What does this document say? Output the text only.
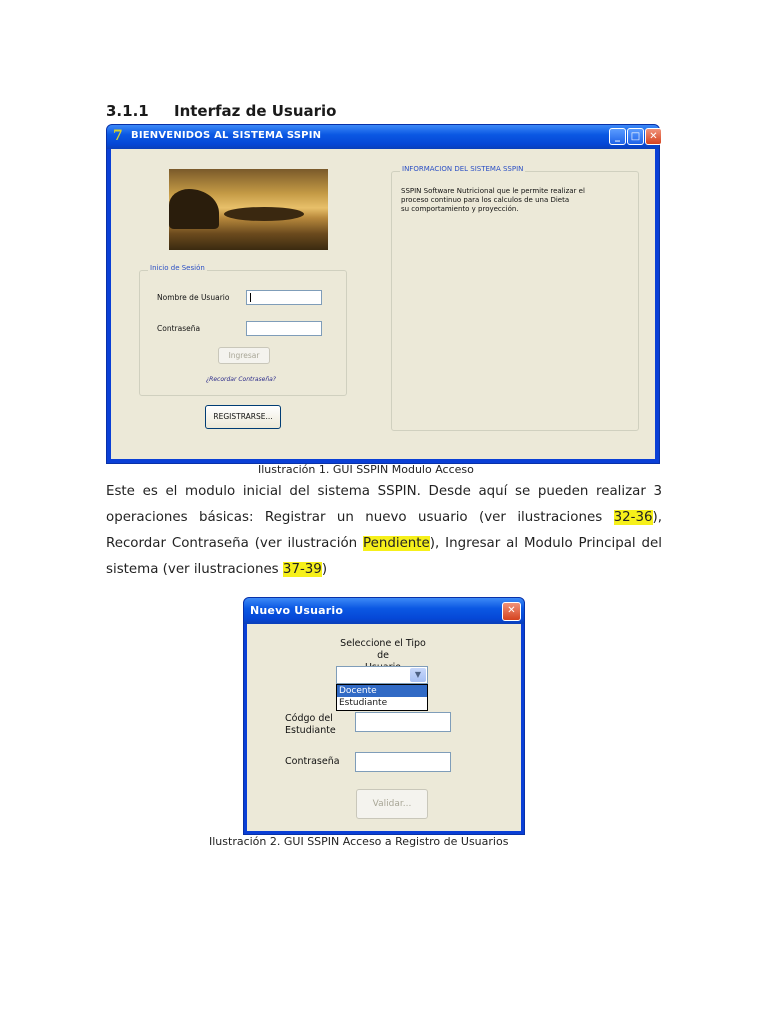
3.1.1 Interfaz de Usuario
7 BIENVENIDOS AL SISTEMA SSPIN	_	□ ✕
Inicio de Sesión
Nombre de Usuario
Contraseña
Ingresar
¿Recordar Contraseña?
REGISTRARSE...
INFORMACION DEL SISTEMA SSPIN
SSPIN Software Nutricional que le permite realizar el
proceso continuo para los calculos de una Dieta
su comportamiento y proyección.
Ilustración 1. GUI SSPIN Modulo Acceso
Este es el modulo inicial del sistema SSPIN. Desde aquí se pueden realizar 3 operaciones básicas: Registrar un nuevo usuario (ver ilustraciones 32-36), Recordar Contraseña (ver ilustración Pendiente), Ingresar al Modulo Principal del sistema (ver ilustraciones 37-39)
Nuevo Usuario	✕
Seleccione el Tipo de
▼
Docente
Estudiante
Códgo del
Estudiante
Contraseña
Validar...
Ilustración 2. GUI SSPIN Acceso a Registro de Usuarios
